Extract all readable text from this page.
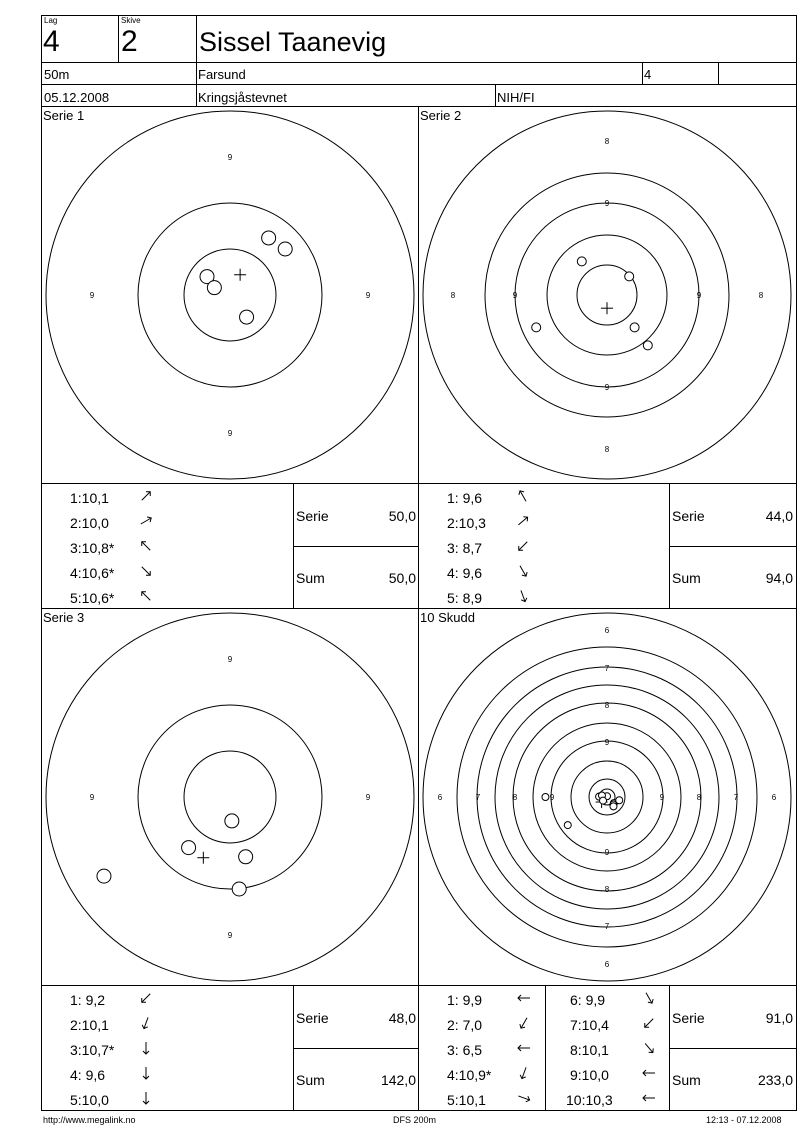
Lag
4
Skive
2 Sissel Taanevig
50m	Farsund	4
05.12.2008	Kringsjåstevnet	NIH/FI
Serie 1	Serie 2
Serie 3	10 Skudd
9
9
9	9
8
8
8	8
9
9
9	9
9
9
9	9
6
6
6	6
7
7
7	7
8
8
8	8
9
9
9	9
1:10,1
2:10,0
3:10,8*
4:10,6*
5:10,6*
Serie	50,0
Sum	50,0
1: 9,6
2:10,3
3: 8,7
4: 9,6
5: 8,9
Serie	44,0
Sum	94,0
1: 9,2
2:10,1
3:10,7*
4: 9,6
5:10,0
Serie	48,0
Sum	142,0
1: 9,9
2: 7,0
3: 6,5
4:10,9*
5:10,1
6: 9,9
7:10,4
8:10,1
9:10,0
10:10,3
Serie	91,0
Sum	233,0
http://www.megalink.no	DFS 200m	12:13 - 07.12.2008
